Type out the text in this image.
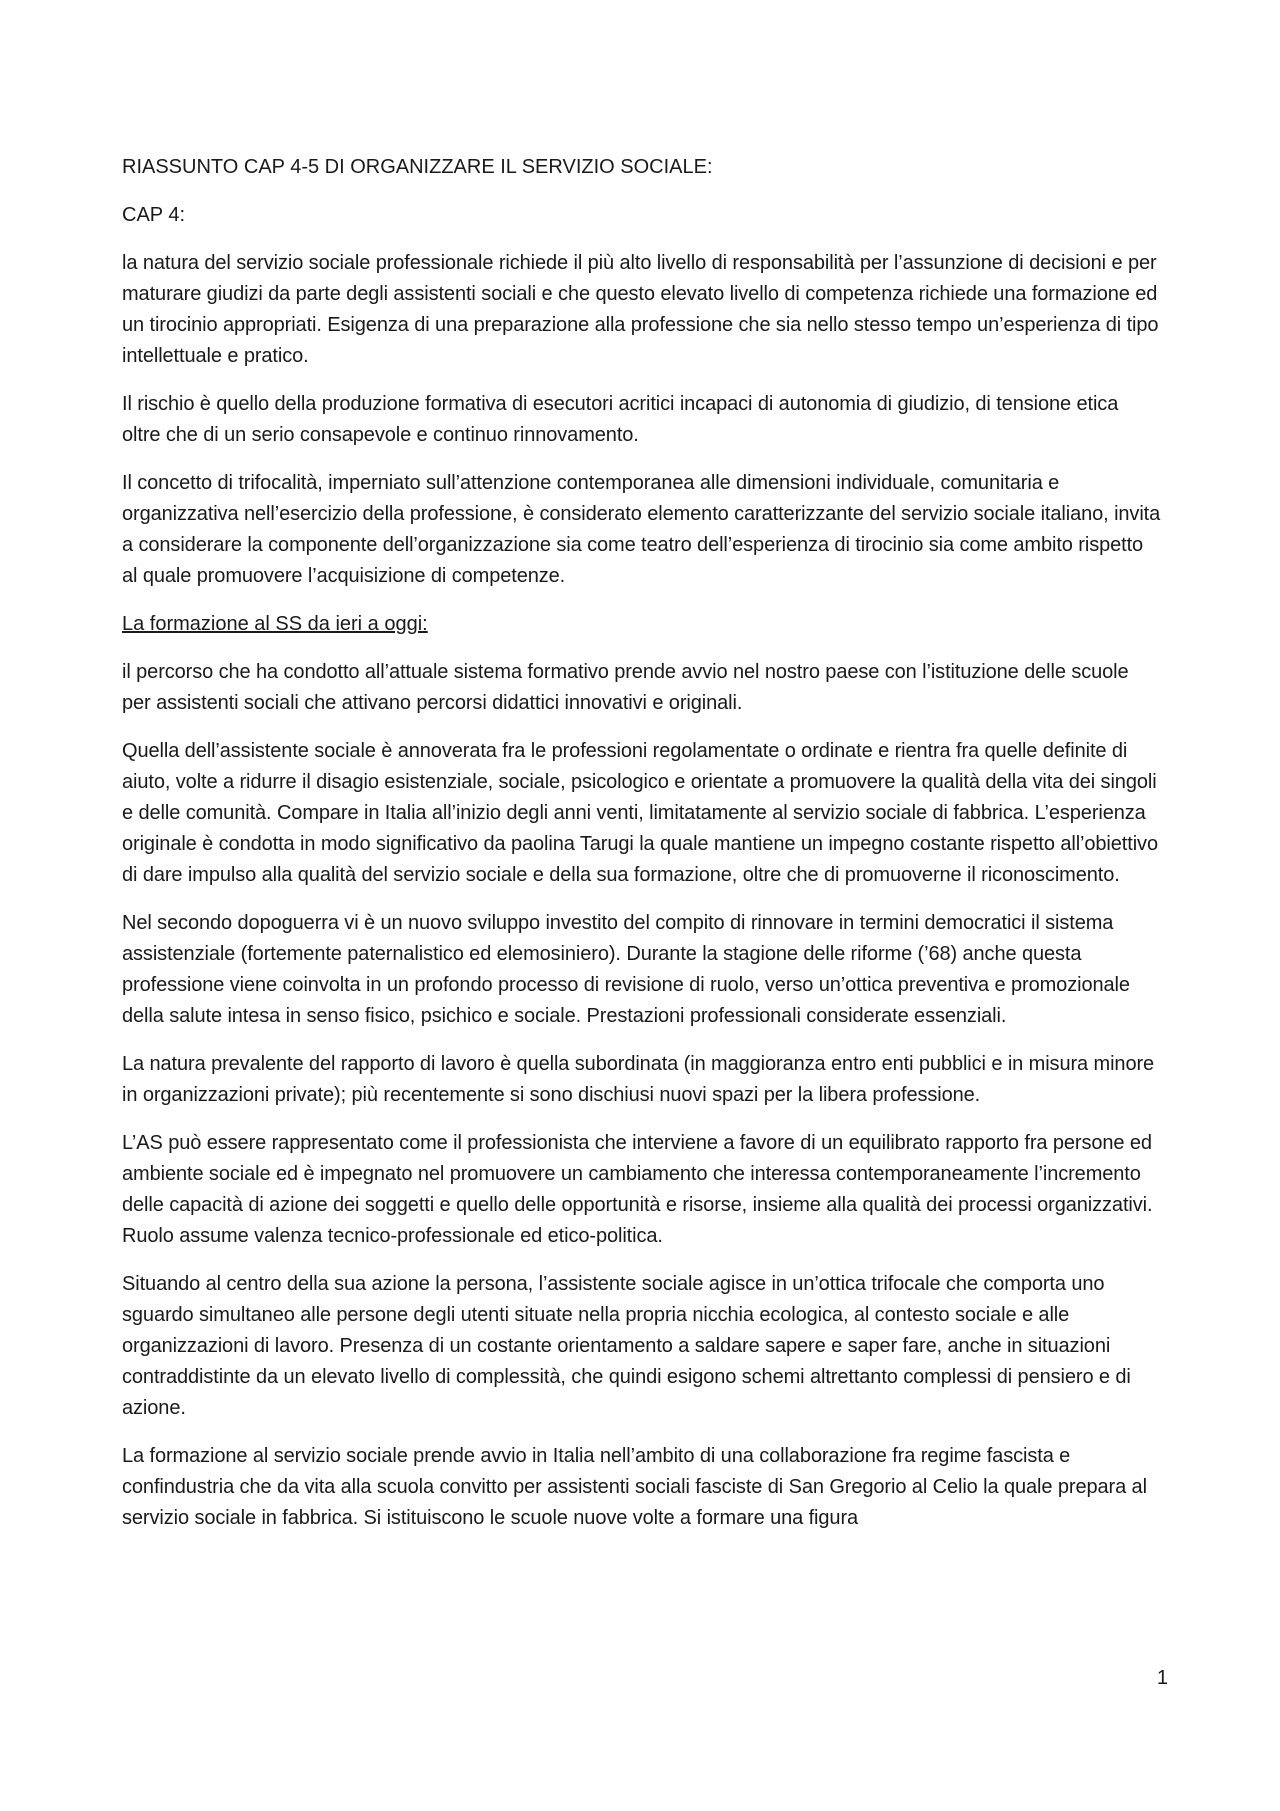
RIASSUNTO CAP 4-5 DI ORGANIZZARE IL SERVIZIO SOCIALE:

CAP 4:

la natura del servizio sociale professionale richiede il più alto livello di responsabilità per l’assunzione di decisioni e per maturare giudizi da parte degli assistenti sociali e che questo elevato livello di competenza richiede una formazione ed un tirocinio appropriati. Esigenza di una preparazione alla professione che sia nello stesso tempo un’esperienza di tipo intellettuale e pratico.

Il rischio è quello della produzione formativa di esecutori acritici incapaci di autonomia di giudizio, di tensione etica oltre che di un serio consapevole e continuo rinnovamento.

Il concetto di trifocalità, imperniato sull’attenzione contemporanea alle dimensioni individuale, comunitaria e organizzativa nell’esercizio della professione, è considerato elemento caratterizzante del servizio sociale italiano, invita a considerare la componente dell’organizzazione sia come teatro dell’esperienza di tirocinio sia come ambito rispetto al quale promuovere l’acquisizione di competenze.

La formazione al SS da ieri a oggi:

il percorso che ha condotto all’attuale sistema formativo prende avvio nel nostro paese con l’istituzione delle scuole per assistenti sociali che attivano percorsi didattici innovativi e originali.

Quella dell’assistente sociale è annoverata fra le professioni regolamentate o ordinate e rientra fra quelle definite di aiuto, volte a ridurre il disagio esistenziale, sociale, psicologico e orientate a promuovere la qualità della vita dei singoli e delle comunità. Compare in Italia all’inizio degli anni venti, limitatamente al servizio sociale di fabbrica. L’esperienza originale è condotta in modo significativo da paolina Tarugi la quale mantiene un impegno costante rispetto all’obiettivo di dare impulso alla qualità del servizio sociale e della sua formazione, oltre che di promuoverne il riconoscimento.

Nel secondo dopoguerra vi è un nuovo sviluppo investito del compito di rinnovare in termini democratici il sistema assistenziale (fortemente paternalistico ed elemosiniero). Durante la stagione delle riforme (’68) anche questa professione viene coinvolta in un profondo processo di revisione di ruolo, verso un’ottica preventiva e promozionale della salute intesa in senso fisico, psichico e sociale. Prestazioni professionali considerate essenziali.

La natura prevalente del rapporto di lavoro è quella subordinata (in maggioranza entro enti pubblici e in misura minore in organizzazioni private); più recentemente si sono dischiusi nuovi spazi per la libera professione.

L’AS può essere rappresentato come il professionista che interviene a favore di un equilibrato rapporto fra persone ed ambiente sociale ed è impegnato nel promuovere un cambiamento che interessa contemporaneamente l’incremento delle capacità di azione dei soggetti e quello delle opportunità e risorse, insieme alla qualità dei processi organizzativi. Ruolo assume valenza tecnico-professionale ed etico-politica.

Situando al centro della sua azione la persona, l’assistente sociale agisce in un’ottica trifocale che comporta uno sguardo simultaneo alle persone degli utenti situate nella propria nicchia ecologica, al contesto sociale e alle organizzazioni di lavoro. Presenza di un costante orientamento a saldare sapere e saper fare, anche in situazioni contraddistinte da un elevato livello di complessità, che quindi esigono schemi altrettanto complessi di pensiero e di azione.

La formazione al servizio sociale prende avvio in Italia nell’ambito di una collaborazione fra regime fascista e confindustria che da vita alla scuola convitto per assistenti sociali fasciste di San Gregorio al Celio la quale prepara al servizio sociale in fabbrica. Si istituiscono le scuole nuove volte a formare una figura

1
